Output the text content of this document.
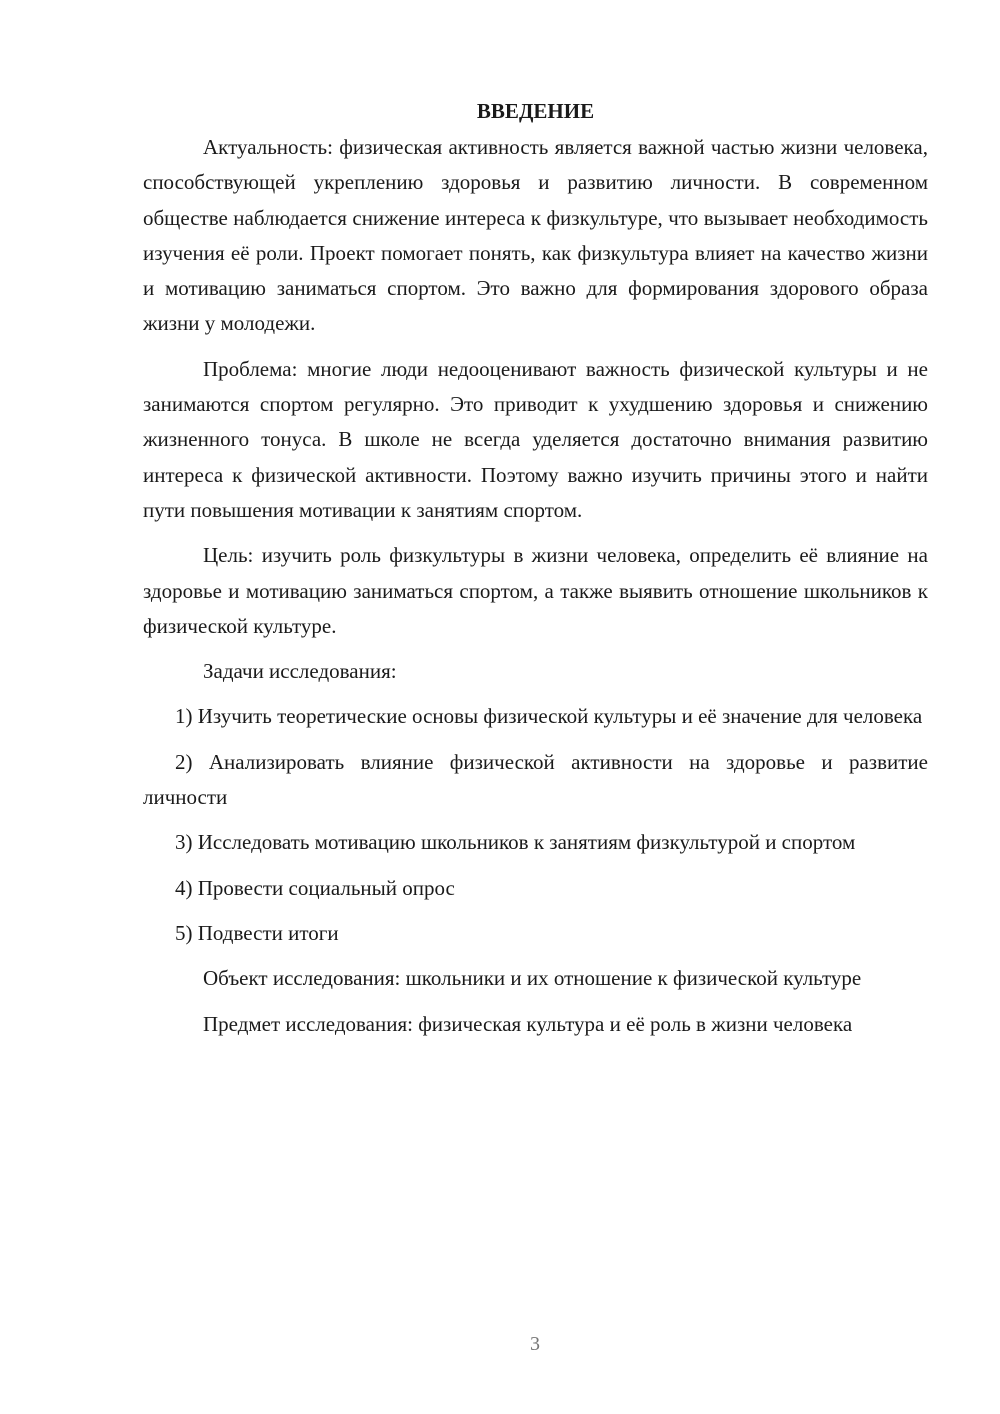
ВВЕДЕНИЕ

Актуальность: физическая активность является важной частью жизни человека, способствующей укреплению здоровья и развитию личности. В современном обществе наблюдается снижение интереса к физкультуре, что вызывает необходимость изучения её роли. Проект помогает понять, как физкультура влияет на качество жизни и мотивацию заниматься спортом. Это важно для формирования здорового образа жизни у молодежи.

Проблема: многие люди недооценивают важность физической культуры и не занимаются спортом регулярно. Это приводит к ухудшению здоровья и снижению жизненного тонуса. В школе не всегда уделяется достаточно внимания развитию интереса к физической активности. Поэтому важно изучить причины этого и найти пути повышения мотивации к занятиям спортом.

Цель: изучить роль физкультуры в жизни человека, определить её влияние на здоровье и мотивацию заниматься спортом, а также выявить отношение школьников к физической культуре.

Задачи исследования:

1) Изучить теоретические основы физической культуры и её значение для человека

2) Анализировать влияние физической активности на здоровье и развитие личности

3) Исследовать мотивацию школьников к занятиям физкультурой и спортом

4) Провести социальный опрос

5) Подвести итоги

Объект исследования: школьники и их отношение к физической культуре

Предмет исследования: физическая культура и её роль в жизни человека

3
